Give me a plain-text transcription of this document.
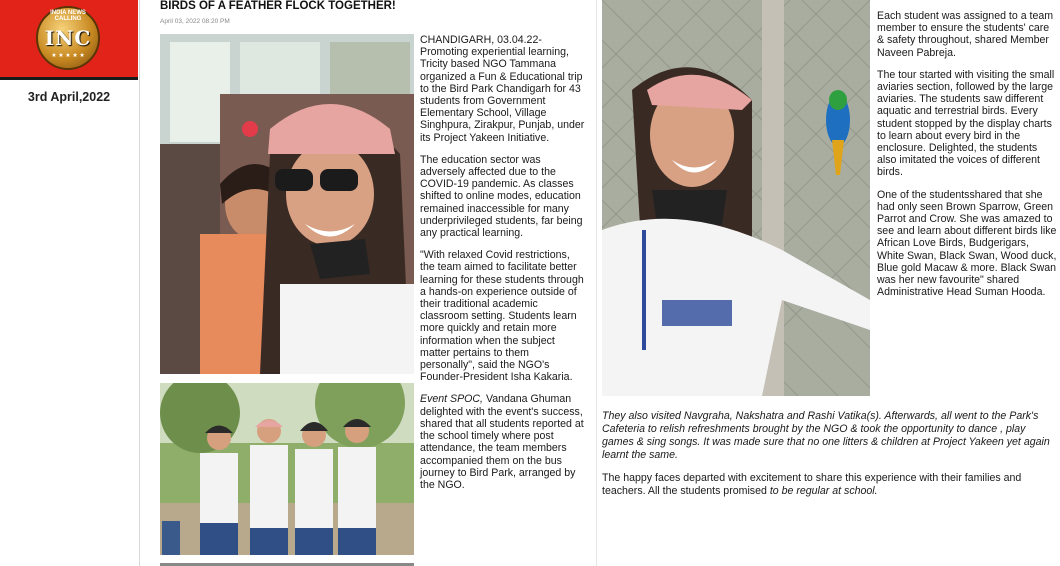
INDIA NEWS CALLING
INC
★ ★ ★ ★ ★
3rd April,2022
BIRDS OF A FEATHER FLOCK TOGETHER!
April 03, 2022 08:20 PM

CHANDIGARH, 03.04.22- Promoting experiential learning, Tricity based NGO Tammana organized a Fun & Educational trip to the Bird Park Chandigarh for 43 students from Government Elementary School, Village Singhpura, Zirakpur, Punjab, under its Project Yakeen Initiative.

The education sector was adversely affected due to the COVID-19 pandemic. As classes shifted to online modes, education remained inaccessible for many underprivileged students, far being any practical learning.

"With relaxed Covid restrictions, the team aimed to facilitate better learning for these students through a hands-on experience outside of their traditional academic classroom setting. Students learn more quickly and retain more information when the subject matter pertains to them personally", said the NGO's Founder-President Isha Kakaria.

Event SPOC, Vandana Ghuman delighted with the event's success, shared that all students reported at the school timely where post attendance, the team members accompanied them on the bus journey to Bird Park, arranged by the NGO.

Each student was assigned to a team member to ensure the students' care & safety throughout, shared Member Naveen Pabreja.

The tour started with visiting the small aviaries section, followed by the large aviaries. The students saw different aquatic and terrestrial birds. Every student stopped by the display charts to learn about every bird in the enclosure. Delighted, the students also imitated the voices of different birds.

One of the studentsshared that she had only seen Brown Sparrow, Green Parrot and Crow. She was amazed to see and learn about different birds like African Love Birds, Budgerigars, White Swan, Black Swan, Wood duck, Blue gold Macaw & more. Black Swan was her new favourite" shared Administrative Head Suman Hooda.

They also visited Navgraha, Nakshatra and Rashi Vatika(s). Afterwards, all went to the Park's Cafeteria to relish refreshments brought by the NGO & took the opportunity to dance , play games & sing songs. It was made sure that no one litters & children at Project Yakeen yet again learnt the same.

The happy faces departed with excitement to share this experience with their families and teachers. All the students promised to be regular at school.
